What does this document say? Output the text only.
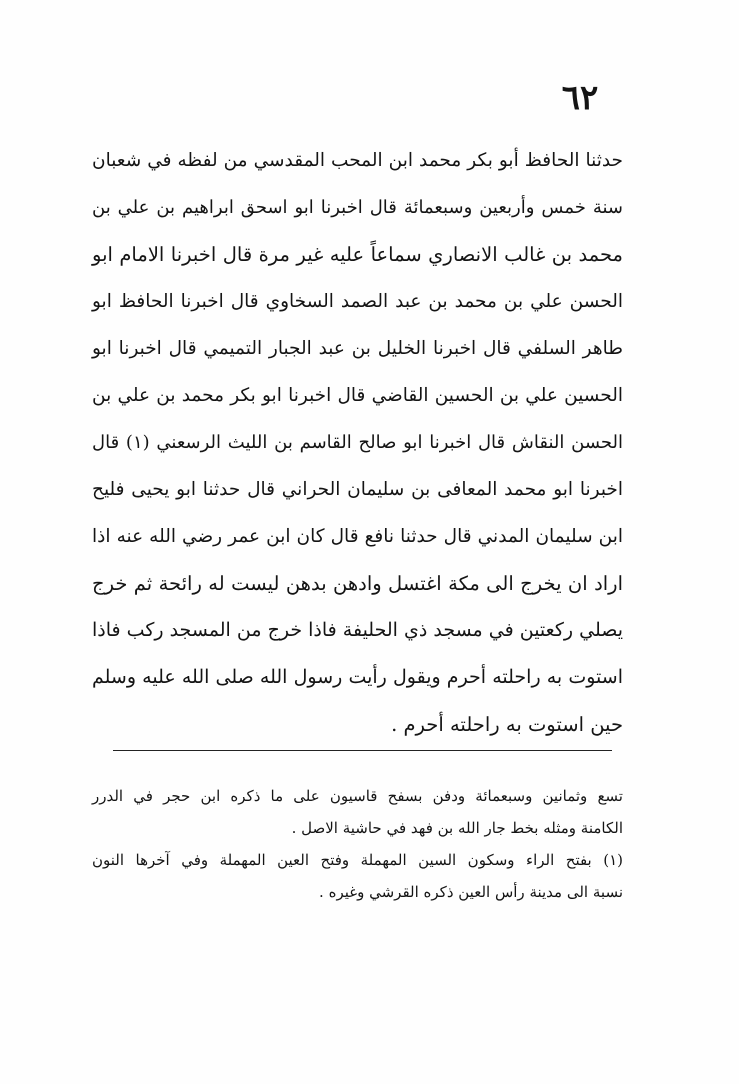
٦٢
حدثنا الحافظ أبو بكر محمد ابن المحب المقدسي من لفظه في شعبان
سنة خمس وأربعين وسبعمائة قال اخبرنا ابو اسحق ابراهيم بن علي بن
محمد بن غالب الانصاري سماعاً عليه غير مرة قال اخبرنا الامام ابو
الحسن علي بن محمد بن عبد الصمد السخاوي قال اخبرنا الحافظ ابو
طاهر السلفي قال اخبرنا الخليل بن عبد الجبار التميمي قال اخبرنا ابو
الحسين علي بن الحسين القاضي قال اخبرنا ابو بكر محمد بن علي بن
الحسن النقاش قال اخبرنا ابو صالح القاسم بن الليث الرسعني (١) قال
اخبرنا ابو محمد المعافى بن سليمان الحراني قال حدثنا ابو يحيى فليح
ابن سليمان المدني قال حدثنا نافع قال كان ابن عمر رضي الله عنه اذا
اراد ان يخرج الى مكة اغتسل وادهن بدهن ليست له رائحة ثم خرج
يصلي ركعتين في مسجد ذي الحليفة فاذا خرج من المسجد ركب فاذا
استوت به راحلته أحرم ويقول رأيت رسول الله صلى الله عليه وسلم
حين استوت به راحلته أحرم .
تسع وثمانين وسبعمائة ودفن بسفح قاسيون على ما ذكره ابن حجر في الدرر
الكامنة ومثله بخط جار الله بن فهد في حاشية الاصل .
(١) بفتح الراء وسكون السين المهملة وفتح العين المهملة وفي آخرها النون
نسبة الى مدينة رأس العين ذكره القرشي وغيره .
